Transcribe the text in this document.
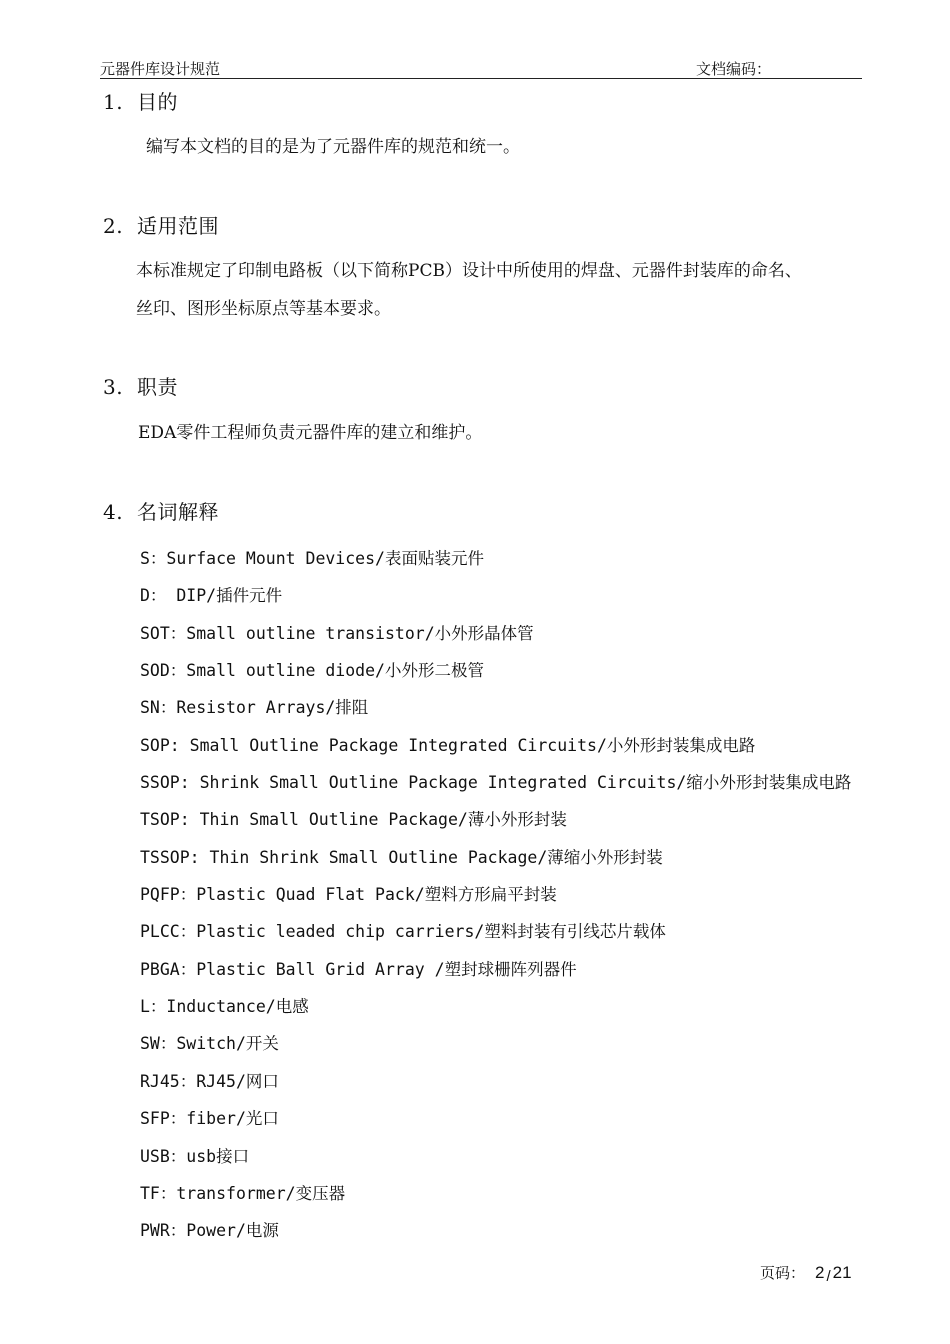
元器件库设计规范	文档编码：
1. 目的
编写本文档的目的是为了元器件库的规范和统一。
2. 适用范围
本标准规定了印制电路板（以下简称PCB）设计中所使用的焊盘、元器件封装库的命名、
丝印、图形坐标原点等基本要求。
3. 职责
EDA零件工程师负责元器件库的建立和维护。
4. 名词解释
S：Surface Mount Devices/表面贴装元件
D： DIP/插件元件
SOT：Small outline transistor/小外形晶体管
SOD：Small outline diode/小外形二极管
SN：Resistor Arrays/排阻
SOP: Small Outline Package Integrated Circuits/小外形封装集成电路
SSOP: Shrink Small Outline Package Integrated Circuits/缩小外形封装集成电路
TSOP: Thin Small Outline Package/薄小外形封装
TSSOP: Thin Shrink Small Outline Package/薄缩小外形封装
PQFP：Plastic Quad Flat Pack/塑料方形扁平封装
PLCC：Plastic leaded chip carriers/塑料封装有引线芯片载体
PBGA：Plastic Ball Grid Array /塑封球栅阵列器件
L：Inductance/电感
SW：Switch/开关
RJ45：RJ45/网口
SFP：fiber/光口
USB：usb接口
TF：transformer/变压器
PWR：Power/电源
页码： 2 / 21
